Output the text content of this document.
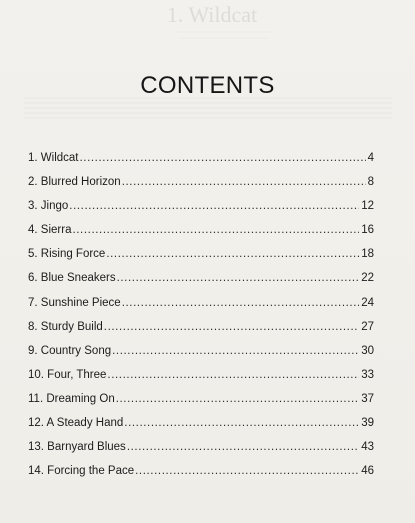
1. Wildcat
CONTENTS
1. Wildcat .....	4
2. Blurred Horizon .....	8
3. Jingo .....	12
4. Sierra .....	16
5. Rising Force .....	18
6. Blue Sneakers .....	22
7. Sunshine Piece .....	24
8. Sturdy Build .....	27
9. Country Song .....	30
10. Four, Three .....	33
11. Dreaming On .....	37
12. A Steady Hand .....	39
13. Barnyard Blues .....	43
14. Forcing the Pace .....	46
